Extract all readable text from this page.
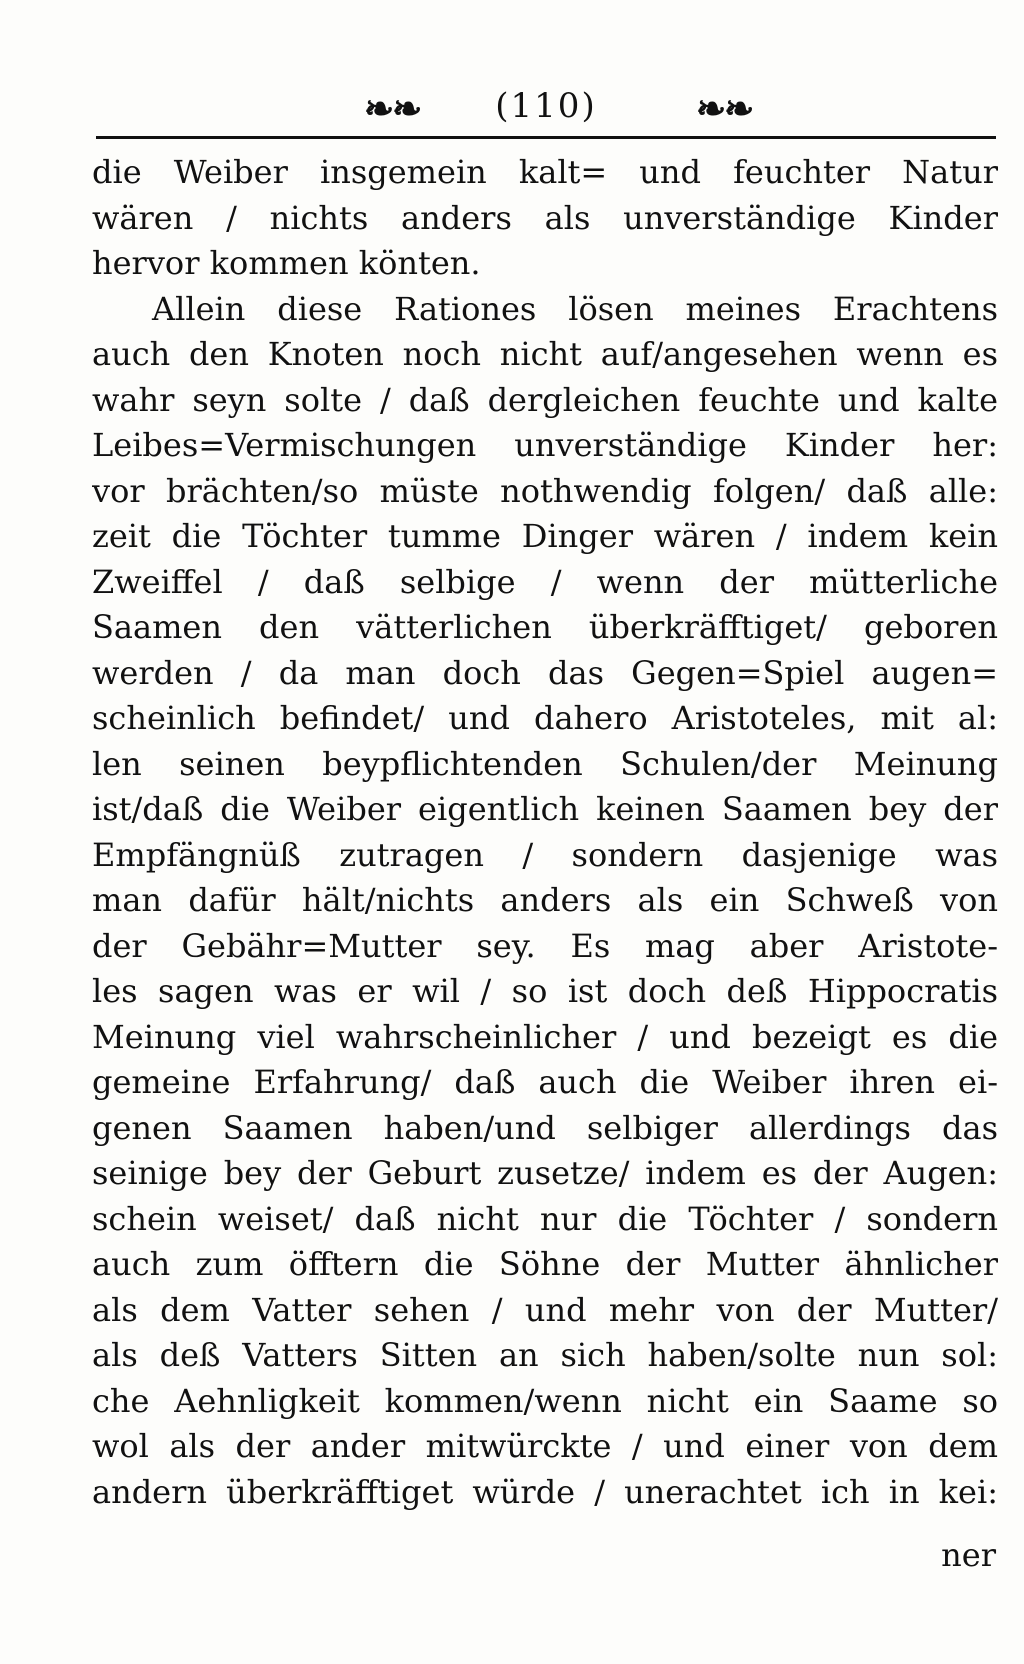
❧❧	(110)	❧❧
die Weiber insgemein kalt= und feuchter Natur
wären / nichts anders als unverständige Kinder
hervor kommen könten.
Allein diese Rationes lösen meines Erachtens
auch den Knoten noch nicht auf/angesehen wenn es
wahr seyn solte / daß dergleichen feuchte und kalte
Leibes=Vermischungen unverständige Kinder her:
vor brächten/so müste nothwendig folgen/ daß alle:
zeit die Töchter tumme Dinger wären / indem kein
Zweiffel / daß selbige / wenn der mütterliche
Saamen den vätterlichen überkräfftiget/ geboren
werden / da man doch das Gegen=Spiel augen=
scheinlich befindet/ und dahero Aristoteles, mit al:
len seinen beypflichtenden Schulen/der Meinung
ist/daß die Weiber eigentlich keinen Saamen bey der
Empfängnüß zutragen / sondern dasjenige was
man dafür hält/nichts anders als ein Schweß von
der Gebähr=Mutter sey. Es mag aber Aristote-
les sagen was er wil / so ist doch deß Hippocratis
Meinung viel wahrscheinlicher / und bezeigt es die
gemeine Erfahrung/ daß auch die Weiber ihren ei-
genen Saamen haben/und selbiger allerdings das
seinige bey der Geburt zusetze/ indem es der Augen:
schein weiset/ daß nicht nur die Töchter / sondern
auch zum öfftern die Söhne der Mutter ähnlicher
als dem Vatter sehen / und mehr von der Mutter/
als deß Vatters Sitten an sich haben/solte nun sol:
che Aehnligkeit kommen/wenn nicht ein Saame so
wol als der ander mitwürckte / und einer von dem
andern überkräfftiget würde / unerachtet ich in kei:
ner
